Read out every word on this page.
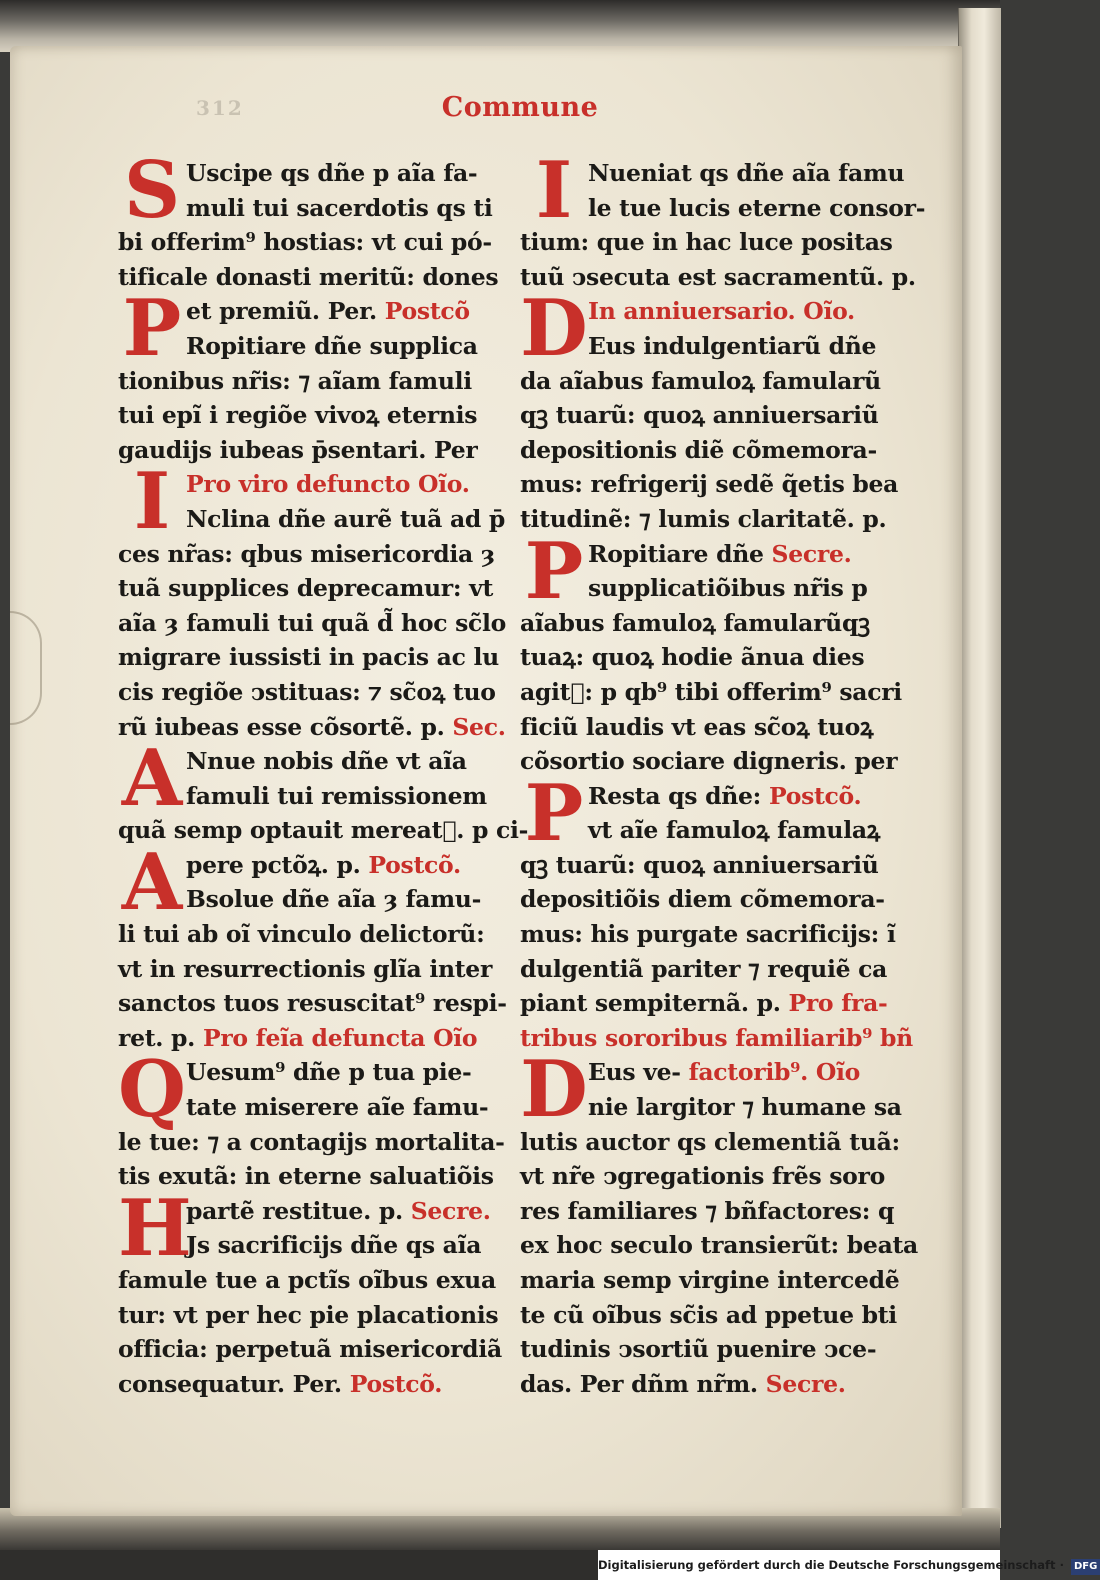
312	Commune
S Uscipe qs dñe p aĩa fa-
muli tui sacerdotis qs ti
bi offerim⁹ hostias: vt cui pó-
tificale donasti meritũ: dones
P et premiũ. Per. Postcõ
Ropitiare dñe supplica
tionibus nr̃is: ⁊ aĩam famuli
tui epĩ i regiõe vivoꝝ eternis
gaudijs iubeas p̄sentari. Per
I Pro viro defuncto Oĩo.
Nclina dñe aurẽ tuã ad p̄
ces nr̃as: qbus misericordia ȝ
tuã supplices deprecamur: vt
aĩa ȝ famuli tui quã d̃ hoc sc̃lo
migrare iussisti in pacis ac lu
cis regiõe ↄstituas: ⁊ sc̃oꝝ tuo
rũ iubeas esse cõsortẽ. p. Sec.
A Nnue nobis dñe vt aĩa
famuli tui remissionem
quã semp optauit mereat᷑. p ci-
A pere pctõꝝ. p. Postcõ.
Bsolue dñe aĩa ȝ famu-
li tui ab oĩ vinculo delictorũ:
vt in resurrectionis glĩa inter
sanctos tuos resuscitat⁹ respi-
ret. p. Pro feĩa defuncta Oĩo
Q Uesum⁹ dñe p tua pie-
tate miserere aĩe famu-
le tue: ⁊ a contagijs mortalita-
tis exutã: in eterne saluatiõis
H
partẽ restitue. p. Secre.
Js sacrificijs dñe qs aĩa
famule tue a pctĩs oĩbus exua
tur: vt per hec pie placationis
officia: perpetuã misericordiã
consequatur. Per. Postcõ.
I Nueniat qs dñe aĩa famu
le tue lucis eterne consor-
tium: que in hac luce positas
tuũ ↄsecuta est sacramentũ. p.
D In anniuersario. Oĩo.
Eus indulgentiarũ dñe
da aĩabus famuloꝝ famularũ
qꝫ tuarũ: quoꝝ anniuersariũ
depositionis diẽ cõmemora-
mus: refrigerij sedẽ q̃etis bea
titudinẽ: ⁊ lumis claritatẽ. p.
P Ropitiare dñe Secre.
supplicatiõibus nr̃is p
aĩabus famuloꝝ famularũqꝫ
tuaꝝ: quoꝝ hodie ãnua dies
agit᷑: p qb⁹ tibi offerim⁹ sacri
ficiũ laudis vt eas sc̃oꝝ tuoꝝ
cõsortio sociare digneris. per
P Resta qs dñe: Postcõ.
vt aĩe famuloꝝ famulaꝝ
qꝫ tuarũ: quoꝝ anniuersariũ
depositiõis diem cõmemora-
mus: his purgate sacrificijs: ĩ
dulgentiã pariter ⁊ requiẽ ca
piant sempiternã. p. Pro fra-
tribus sororibus familiarib⁹ bñ
D Eus ve- factorib⁹. Oĩo
nie largitor ⁊ humane sa
lutis auctor qs clementiã tuã:
vt nr̃e ↄgregationis frẽs soro
res familiares ⁊ bñfactores: q
ex hoc seculo transierũt: beata
maria semp virgine intercedẽ
te cũ oĩbus sc̃is ad ppetue bti
tudinis ↄsortiũ puenire ↄce-
das. Per dñm nr̃m. Secre.
Digitalisierung gefördert durch die Deutsche Forschungsgemeinschaft · DFG
